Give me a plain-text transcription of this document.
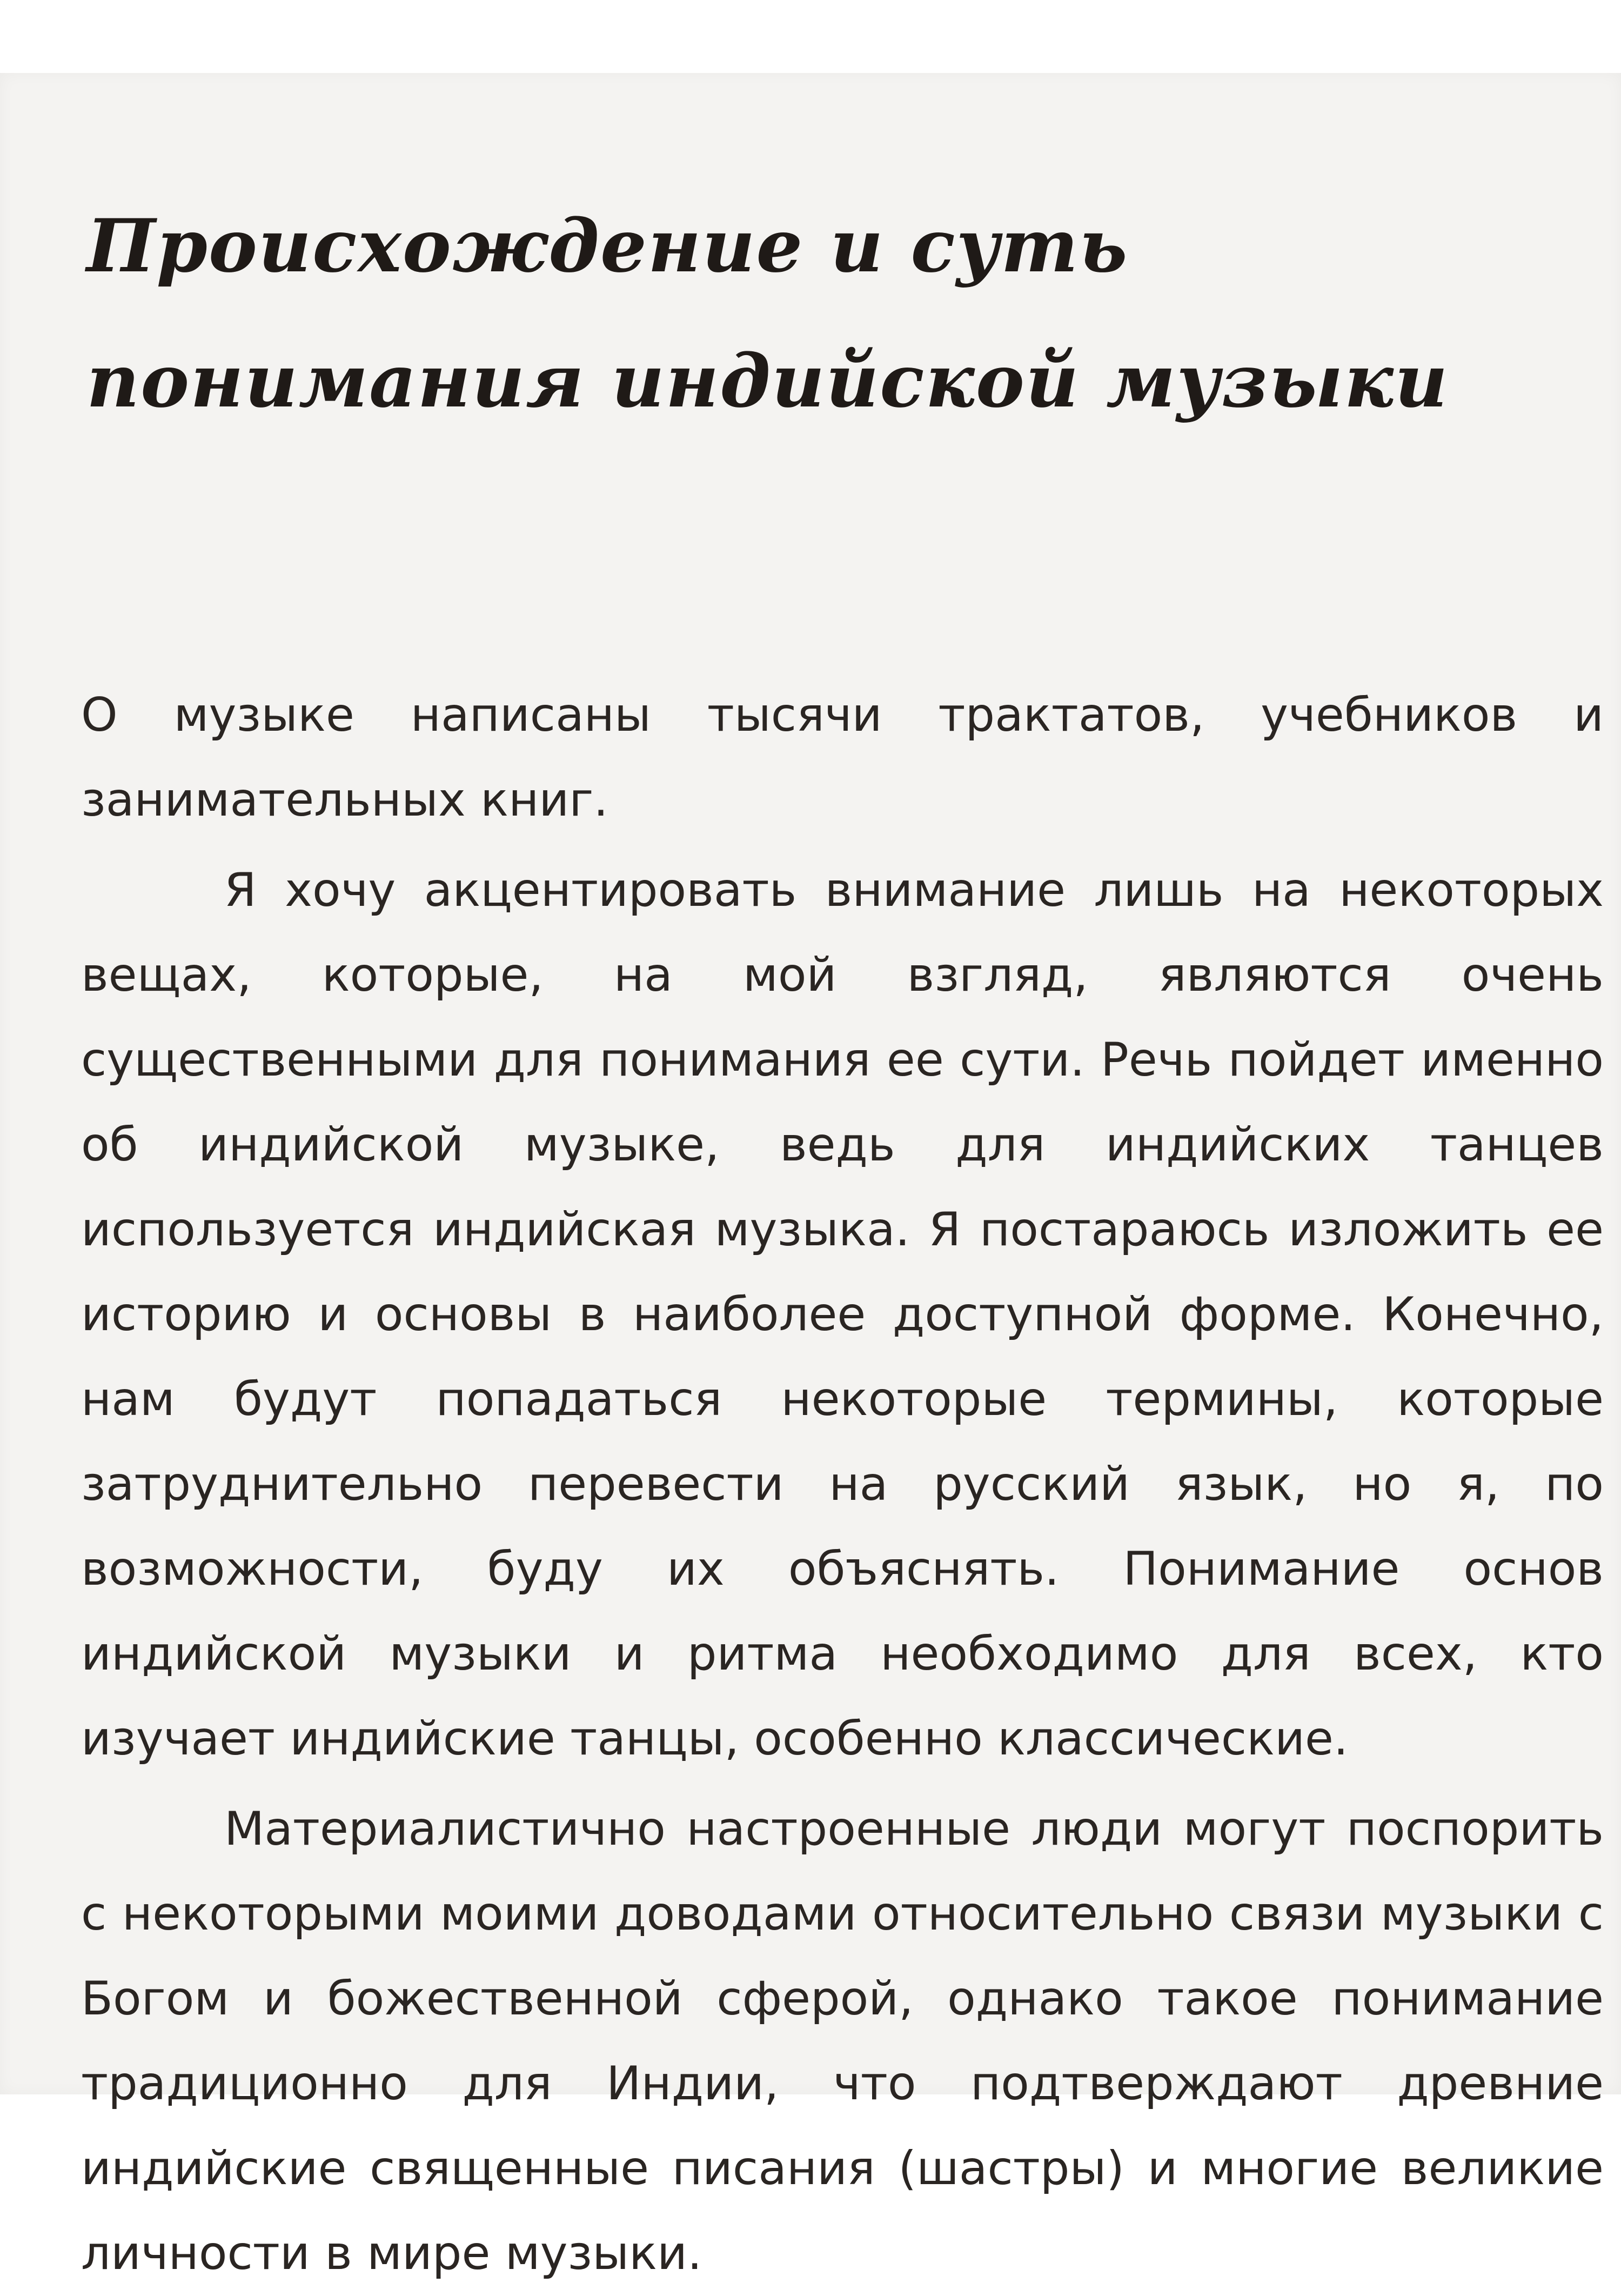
Происхождение и суть
понимания индийской музыки

О музыке написаны тысячи трактатов, учебников и занимательных книг.

Я хочу акцентировать внимание лишь на некоторых вещах, которые, на мой взгляд, являются очень существенными для понимания ее сути. Речь пойдет именно об индийской музыке, ведь для индийских танцев используется индийская музыка. Я постараюсь изложить ее историю и основы в наиболее доступной форме. Конечно, нам будут попадаться некоторые термины, которые затруднительно перевести на русский язык, но я, по возможности, буду их объяснять. Понимание основ индийской музыки и ритма необходимо для всех, кто изучает индийские танцы, особенно классические.

Материалистично настроенные люди могут поспорить с некоторыми моими доводами относительно связи музыки с Богом и божественной сферой, однако такое понимание традиционно для Индии, что подтверждают древние индийские священные писания (шастры) и многие великие личности в мире музыки.
